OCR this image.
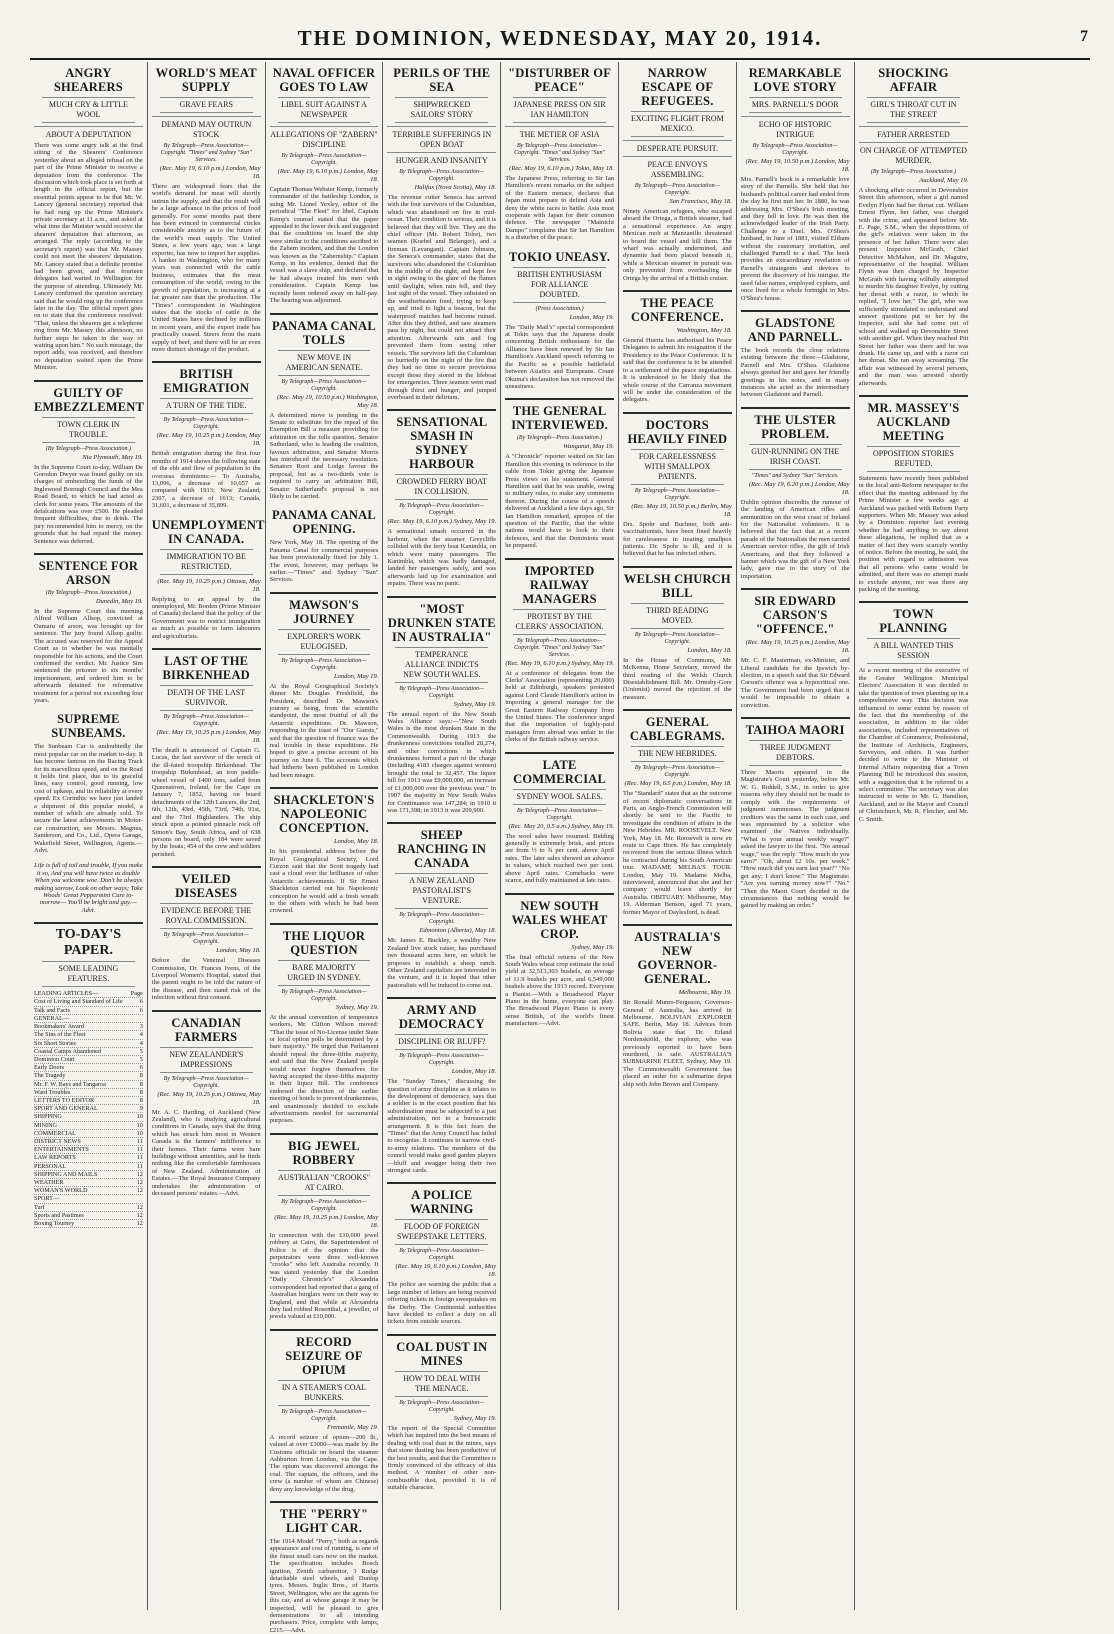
THE DOMINION, WEDNESDAY, MAY 20, 1914.	7
ANGRY SHEARERS
MUCH CRY & LITTLE WOOL
ABOUT A DEPUTATION
There was some angry talk at the final sitting of the Shearers' Conference yesterday about an alleged refusal on the part of the Prime Minister to receive a deputation from the conference. The discussion which took place is set forth at length in the official report, but the essential points appear to be that Mr. W. Lancey (general secretary) reported that he had rung up the Prime Minister's private secretary at 11 a.m., and asked at what time the Minister would receive the shearers' deputation that afternoon, as arranged. The reply (according to the secretary's report) was that Mr. Massey could not meet the shearers' deputation. Mr. Lancey stated that a definite promise had been given, and that fourteen delegates had waited in Wellington for the purpose of attending. Ultimately Mr. Lancey confirmed the question secretary said that he would ring up the conference later in the day. The official report goes on to state that the conference resolved: "That, unless the shearers get a telephone ring from Mr. Massey this afternoon, no further steps be taken in the way of waiting upon him." No such message, the report adds, was received, and therefore no deputation waited upon the Prime Minister.
GUILTY OF EMBEZZLEMENT
TOWN CLERK IN TROUBLE.
(By Telegraph—Press Association.)
Nia Plymouth, May 19.
In the Supreme Court to-day, William De Gorodon Dwyer was found guilty on six charges of embezzling the funds of the Inglewood Borough Council and the Mea Road Board, to which he had acted as clerk for some years. The amounts of the defalcations was over £500. He pleaded frequent difficulties, due to drink. The jury recommended him to mercy, on the grounds that he had repaid the money. Sentence was deferred.
SENTENCE FOR ARSON
(By Telegraph—Press Association.)
Dunedin, May 19.
In the Supreme Court this morning Alfred William Allsop, convicted at Oamaru of arson, was brought up for sentence. The jury found Allsop guilty. The accused was reserved for the Appeal Court as to whether he was mentally responsible for his actions, and the Court confirmed the verdict. Mr. Justice Sim sentenced the prisoner to six months' imprisonment, and ordered him to be afterwards detained for reformative treatment for a period not exceeding four years.
SUPREME SUNBEAMS.
The Sunbeam Car is undoubtedly the most popular car on the market to-day. It has become famous on the Racing Track for its marvellous speed, and on the Road it holds first place, due to its graceful lines, easy control, good running, low cost of upkeep, and its reliability at every speed. Ex Corinthic we have just landed a shipment of this popular model, a number of which are already sold. To secure the latest achievements in Motor-car construction, see Messrs. Magnus, Sanderson, and Co., Ltd., Opera Garage, Wakefield Street, Wellington, Agents.—Advt.
Life is full of toil and trouble, If you make it so, And you will have twice as double When you welcome woe. Don't be always making sorrow, Look on other ways; Take Woods' Great Peppermint Cure to-morrow— You'll be bright and gay.—Advt.
TO-DAY'S PAPER.
SOME LEADING FEATURES.
LEADING ARTICLES—	Page
Cost of Living and Standard of Life	6
Talk and Facts	6
GENERAL—
Bookmakers' Award	3
The Sins of the Fleet	4
Six Short Stories	4
Coastal Camps Abandoned	5
Dominion Court	5
Early Doors	6
The Tragedy	8
Mr. F. W. Bays and Tangaroa	8
Ward Troubles	8
LETTERS TO EDITOR	8
SPORT AND GENERAL	9
SHIPPING	10
MINING	10
COMMERCIAL	10
DISTRICT NEWS	11
ENTERTAINMENTS	11
LAW REPORTS	11
PERSONAL	11
SHIPPING AND MAILS	12
WEATHER	12
WOMAN'S WORLD	12
SPORT—
Turf	12
Sports and Pastimes	12
Boxing Tourney	12
WORLD'S MEAT SUPPLY
GRAVE FEARS
DEMAND MAY OUTRUN STOCK
By Telegraph—Press Association—Copyright. "Times" and Sydney "Sun" Services.
(Rec. May 19, 6.10 p.m.) London, May 18.
There are widespread fears that the world's demand for meat will shortly outrun the supply, and that the result will be a large advance in the prices of food generally. For some months past there has been evinced in commercial circles considerable anxiety as to the future of the world's meat supply. The United States, a few years ago, was a large exporter, has now to import her supplies. A banker in Washington, who for many years was connected with the cattle business, estimates that the meat consumption of the world, owing to the growth of population, is increasing at a far greater rate than the production. The "Times" correspondent in Washington states that the stocks of cattle in the United States have declined by millions in recent years, and the export trade has practically ceased. Steers from the main supply of beef, and there will be an even more distinct shortage of the product.
BRITISH EMIGRATION
A TURN OF THE TIDE.
By Telegraph—Press Association—Copyright.
(Rec. May 19, 10.25 p.m.) London, May 18.
British emigration during the first four months of 1914 shows the following state of the ebb and flow of population to the overseas dominions:— To Australia, 13,096, a decrease of 10,657 as compared with 1913; New Zealand, 2307, a decrease of 1613; Canada, 31,601, a decrease of 35,899.
UNEMPLOYMENT IN CANADA.
IMMIGRATION TO BE RESTRICTED.
(Rec. May 19, 10.25 p.m.) Ottawa, May 18.
Replying to an appeal by the unemployed, Mr. Borden (Prime Minister of Canada) declared that the policy of the Government was to restrict immigration as much as possible to farm labourers and agriculturists.
LAST OF THE BIRKENHEAD
DEATH OF THE LAST SURVIVOR.
By Telegraph—Press Association—Copyright.
(Rec. May 19, 10.25 p.m.) London, May 18.
The death is announced of Captain G. Lucas, the last survivor of the wreck of the ill-fated troopship Birkenhead. The troopship Birkenhead, an iron paddle-wheel vessel of 1400 tons, sailed from Queenstown, Ireland, for the Cape on January 7, 1852, having on board detachments of the 12th Lancers, the 2nd, 6th, 12th, 43rd, 45th, 73rd, 74th, 91st, and the 73rd Highlanders. The ship struck upon a pointed pinnacle rock off Simon's Bay, South Africa, and of 638 persons on board, only 184 were saved by the boats; 454 of the crew and soldiers perished.
VEILED DISEASES
EVIDENCE BEFORE THE ROYAL COMMISSION.
By Telegraph—Press Association—Copyright.
London, May 18.
Before the Venereal Diseases Commission, Dr. Frances Ivens, of the Liverpool Women's Hospital, stated that the parent ought to be told the nature of the disease, and then stand risk of the infection without first consent.
CANADIAN FARMERS
NEW ZEALANDER'S IMPRESSIONS
By Telegraph—Press Association—Copyright.
(Rec. May 19, 10.25 p.m.) Ottawa, May 18.
Mr. A. C. Harding, of Auckland (New Zealand), who is studying agricultural conditions in Canada, says that the thing which has struck him most in Western Canada is the farmers' indifference to their homes. Their farms were bare buildings without amenities, and he finds nothing like the comfortable farmhouses of New Zealand. Administration of Estates.—The Royal Insurance Company undertakes the administration of deceased persons' estates.—Advt.
NAVAL OFFICER GOES TO LAW
LIBEL SUIT AGAINST A NEWSPAPER
ALLEGATIONS OF "ZABERN" DISCIPLINE
By Telegraph—Press Association—Copyright.
(Rec. May 19, 6.10 p.m.) London, May 18.
Captain Thomas Webster Kemp, formerly commander of the battleship London, is suing Mr. Lionel Yexley, editor of the periodical "The Fleet" for libel. Captain Kemp's counsel stated that the paper appealed to the lower deck and suggested that the conditions on board the ship were similar to the conditions ascribed to the Zabern incident, and that the London was known as the "Zabernship." Captain Kemp, in his evidence, denied that the vessel was a slave ship, and declared that he had always treated his men with consideration. Captain Kemp has recently been ordered away on half-pay. The hearing was adjourned.
PANAMA CANAL TOLLS
NEW MOVE IN AMERICAN SENATE.
By Telegraph—Press Association—Copyright.
(Rec. May 19, 10.50 p.m.) Washington, May 18.
A determined move is pending in the Senate to substitute for the repeal of the Exemption Bill a measure providing for arbitration on the tolls question. Senator Sutherland, who is leading the coalition, favours arbitration, and Senator Morris has introduced the necessary resolution. Senators Root and Lodge favour the proposal, but as a two-thirds vote is required to carry an arbitration Bill, Senator Sutherland's proposal is not likely to be carried.
PANAMA CANAL OPENING.
New York, May 18. The opening of the Panama Canal for commercial purposes has been provisionally fixed for July 1. The event, however, may perhaps be earlier.—"Times" and Sydney "Sun" Services.
MAWSON'S JOURNEY
EXPLORER'S WORK EULOGISED.
By Telegraph—Press Association—Copyright.
London, May 19.
At the Royal Geographical Society's dinner Mr. Douglas Freshfield, the President, described Dr. Mawson's journey as being, from the scientific standpoint, the most fruitful of all the Antarctic expeditions. Dr. Mawson, responding to the toast of "Our Guests," said that the question of finance was the real trouble in these expeditions. He hoped to give a precise account of his journey on June 6. The accounts which had hitherto been published in London had been meagre.
SHACKLETON'S NAPOLEONIC CONCEPTION.
London, May 18.
In his presidential address before the Royal Geographical Society, Lord Curzon said that the Scott tragedy had cast a cloud over the brilliance of other Antarctic achievements. If Sir Ernest Shackleton carried out his Napoleonic conception he would add a fresh wreath to the others with which he had been crowned.
THE LIQUOR QUESTION
BARE MAJORITY URGED IN SYDNEY.
By Telegraph—Press Association—Copyright.
Sydney, May 19.
At the annual convention of temperance workers, Mr. Clifton Wilson moved: "That the issue of No-License under State or local option polls be determined by a bare majority." He urged that Parliament should repeal the three-fifths majority, and said that the New Zealand people would never forgive themselves for having accepted the three-fifths majority in their liquor Bill. The conference endorsed the direction of the earlier meeting of hotels to prevent drunkenness, and unanimously decided to exclude advertisements needed for sacramental purposes.
BIG JEWEL ROBBERY
AUSTRALIAN "CROOKS" AT CAIRO.
By Telegraph—Press Association—Copyright.
(Rec. May 19, 10.25 p.m.) London, May 18.
In connection with the £10,000 jewel robbery at Cairo, the Superintendent of Police is of the opinion that the perpetrators were three well-known "crooks" who left Australia recently. It was stated yesterday that the London "Daily Chronicle's" Alexandria correspondent had reported that a gang of Australian burglars were on their way to England, and that while at Alexandria they had robbed Rosenthal, a jeweller, of jewels valued at £10,000.
RECORD SEIZURE OF OPIUM
IN A STEAMER'S COAL BUNKERS.
By Telegraph—Press Association—Copyright.
Fremantle, May 19.
A record seizure of opium—200 lb., valued at over £3000—was made by the Customs officials on board the steamer Ashburton from London, via the Cape. The opium was discovered amongst the coal. The captain, the officers, and the crew (a number of whom are Chinese) deny any knowledge of the drug.
THE "PERRY" LIGHT CAR.
The 1914 Model "Perry," both as regards appearance and cost of running, is one of the finest small cars now on the market. The specification includes Bosch ignition, Zenith carburettor, 3 Rudge detachable steel wheels, and Dunlop tyres. Messrs. Inglis Bros., of Harris Street, Wellington, who are the agents for this car, and at whose garage it may be inspected, will be pleased to give demonstrations to all intending purchasers. Price, complete with lamps, £215.—Advt.
PERILS OF THE SEA
SHIPWRECKED SAILORS' STORY
TERRIBLE SUFFERINGS IN OPEN BOAT
HUNGER AND INSANITY
By Telegraph—Press Association—Copyright.
Halifax (Nova Scotia), May 18.
The revenue cutter Seneca has arrived with the four survivors of the Columbian, which was abandoned on fire in mid-ocean. Their condition is serious, and it is believed that they will live. They are the chief officer (Mr. Robert Tolre), two seamen (Koebel and Belanger), and a fireman (Levangant). Captain Johnson, the Seneca's commander, states that the survivors who abandoned the Columbian in the middle of the night, and kept few in sight owing to the glare of the flames until daylight, when rain fell, and they lost sight of the vessel. They subsisted on the weatherbeaten food, trying to keep up, and tried to light a beacon, but the waterproof matches had become ruined. After this they drifted, and saw steamers pass by night, but could not attract their attention. Afterwards rain and fog prevented them from seeing other vessels. The survivors left the Columbian so hurriedly on the night of the fire that they had no time to secure provisions except those they stored in the lifeboat for emergencies. Three seamen went mad through thirst and hunger, and jumped overboard in their delirium.
SENSATIONAL SMASH IN SYDNEY HARBOUR
CROWDED FERRY BOAT IN COLLISION.
By Telegraph—Press Association—Copyright.
(Rec. May 19, 6.10 p.m.) Sydney, May 19.
A sensational smash occurred in the harbour, when the steamer Greycliffe collided with the ferry boat Kanimbla, on which were many passengers. The Kanimbla, which was badly damaged, landed her passengers safely, and was afterwards laid up for examination and repairs. There was no panic.
"MOST DRUNKEN STATE IN AUSTRALIA"
TEMPERANCE ALLIANCE INDICTS NEW SOUTH WALES.
By Telegraph—Press Association—Copyright.
Sydney, May 19.
The annual report of the New South Wales Alliance says:—"New South Wales is the most drunken State in the Commonwealth. During 1913 the drunkenness convictions totalled 28,274, and other convictions in which drunkenness formed a part of the charge (including 4183 charges against women) brought the total to 32,457. The liquor bill for 1913 was £9,000,000, an increase of £1,000,000 over the previous year." In 1907 the majority in New South Wales for Continuance was 147,284; in 1910 it was 171,398; in 1913 it was 209,900.
SHEEP RANCHING IN CANADA
A NEW ZEALAND PASTORALIST'S VENTURE.
By Telegraph—Press Association—Copyright.
Edmonton (Alberta), May 18.
Mr. James E. Buckley, a wealthy New Zealand live stock raiser, has purchased two thousand acres here, on which he proposes to establish a sheep ranch. Other Zealand capitalists are interested in the venture, and it is hoped that other pastoralists will be induced to come out.
ARMY AND DEMOCRACY
DISCIPLINE OR BLUFF?
By Telegraph—Press Association—Copyright.
London, May 18.
The "Sunday Times," discussing the question of army discipline as it relates to the development of democracy, says that a soldier is in the exact position that his subordination must be subjected to a just administration, not to a bureaucratic arrangement. It is this fact fears the "Times" that the Army Council has failed to recognise. It continues to narrow civil-to-army relations. The members of the council would make good garden players—bluff and swagger being their two strongest cards.
A POLICE WARNING
FLOOD OF FOREIGN SWEEPSTAKE LETTERS.
By Telegraph—Press Association—Copyright.
(Rec. May 19, 6.10 p.m.) London, May 18.
The police are warning the public that a large number of letters are being received offering tickets in foreign sweepstakes on the Derby. The Continental authorities have decided to collect a duty on all tickets from outside sources.
COAL DUST IN MINES
HOW TO DEAL WITH THE MENACE.
By Telegraph—Press Association—Copyright.
Sydney, May 19.
The report of the Special Committee which has inquired into the best means of dealing with coal dust in the mines, says that stone dusting has been productive of the best results, and that the Committee is firmly convinced of the efficacy of this method. A number of other non-combustible dust, provided it is of suitable character.
"DISTURBER OF PEACE"
JAPANESE PRESS ON SIR IAN HAMILTON
THE METIER OF ASIA
By Telegraph—Press Association—Copyright. "Times" and Sydney "Sun" Services.
(Rec. May 19, 6.10 p.m.) Tokio, May 18.
The Japanese Press, referring to Sir Ian Hamilton's recent remarks on the subject of the Eastern menace, declares that Japan must prepare to defend Asia and deny the white races to battle. Asia must cooperate with Japan for their common defence. The newspaper "Mainichi Dampo" complains that Sir Ian Hamilton is a disturber of the peace.
TOKIO UNEASY.
BRITISH ENTHUSIASM FOR ALLIANCE DOUBTED.
(Press Association.)
London, May 19.
The "Daily Mail's" special correspondent at Tokio says that the Japanese doubt concerning British enthusiasm for the Alliance have been renewed by Sir Ian Hamilton's Auckland speech referring to the Pacific as a possible battlefield between Asiatics and Europeans. Count Okuma's declaration has not removed the uneasiness.
THE GENERAL INTERVIEWED.
(By Telegraph—Press Association.)
Wanganui, May 19.
A "Chronicle" reporter waited on Sir Ian Hamilton this evening in reference to the cable from Tokio giving the Japanese Press views on his statement. General Hamilton said that he was unable, owing to military rules, to make any comments thereon. During the course of a speech delivered at Auckland a few days ago, Sir Ian Hamilton remarked, apropos of the question of the Pacific, that the white nations would have to look to their defences, and that the Dominions must be prepared.
IMPORTED RAILWAY MANAGERS
PROTEST BY THE CLERKS' ASSOCIATION.
By Telegraph—Press Association—Copyright. "Times" and Sydney "Sun" Services.
(Rec. May 19, 6.10 p.m.) Sydney, May 19.
At a conference of delegates from the Clerks' Association (representing 20,000) held at Edinburgh, speakers protested against Lord Claude Hamilton's action in importing a general manager for the Great Eastern Railway Company from the United States. The conference urged that the importation of highly-paid managers from abroad was unfair to the clerks of the British railway service.
LATE COMMERCIAL
SYDNEY WOOL SALES.
By Telegraph—Press Association—Copyright.
(Rec. May 20, 0.5 a.m.) Sydney, May 19.
The wool sales have resumed. Bidding generally is extremely brisk, and prices are from ½ to ¾ per cent. above April rates. The later sales showed an advance in values, which reached two per cent. above April rates. Comebacks were scarce, and fully maintained at late rates.
NEW SOUTH WALES WHEAT CROP.
Sydney, May 19.
The final official returns of the New South Wales wheat crop estimate the total yield at 32,513,303 bushels, an average of 11.9 bushels per acre, and 6,549,000 bushels above the 1913 record. Everyone a Pianist.—With a Broadwood Player Piano in the home, everyone can play. The Broadwood Player Piano is every sense British, of the world's finest manufacture.—Advt.
NARROW ESCAPE OF REFUGEES.
EXCITING FLIGHT FROM MEXICO.
DESPERATE PURSUIT.
PEACE ENVOYS ASSEMBLING.
By Telegraph—Press Association—Copyright.
San Francisco, May 18.
Ninety American refugees, who escaped aboard the Ortega, a British steamer, had a sensational experience. An angry Mexican mob at Manzanillo threatened to board the vessel and kill them. The wharf was actually undermined, and dynamite had been placed beneath it, while a Mexican steamer in pursuit was only prevented from overhauling the Ortega by the arrival of a British cruiser.
THE PEACE CONFERENCE.
Washington, May 18.
General Huerta has authorised his Peace Delegates to submit his resignation if the Presidency to the Peace Conference. It is said that the conference is to be attended to a settlement of the peace negotiations. It is understood to be likely that the whole course of the Carranza movement will be under the consideration of the delegates.
DOCTORS HEAVILY FINED
FOR CARELESSNESS WITH SMALLPOX PATIENTS.
By Telegraph—Press Association—Copyright.
(Rec. May 19, 10.50 p.m.) Berlin, May 18.
Drs. Spohr and Buchner, both anti-vaccinationists, have been fined heavily for carelessness in treating smallpox patients. Dr. Spohr is ill, and it is believed that he has infected others.
WELSH CHURCH BILL
THIRD READING MOVED.
By Telegraph—Press Association—Copyright.
London, May 18.
In the House of Commons, Mr. McKenna, Home Secretary, moved the third reading of the Welsh Church Disestablishment Bill. Mr. Ormsby-Gore (Unionist) moved the rejection of the measure.
GENERAL CABLEGRAMS.
THE NEW HEBRIDES.
By Telegraph—Press Association—Copyright.
(Rec. May 19, 6.5 p.m.) London, May 18.
The "Standard" states that as the outcome of recent diplomatic conversations in Paris, an Anglo-French Commission will shortly be sent to the Pacific to investigate the condition of affairs in the New Hebrides. MR. ROOSEVELT. New York, May 18. Mr. Roosevelt is now en route to Cape Horn. He has completely recovered from the serious illness which he contracted during his South American tour. MADAME MELBA'S TOUR. London, May 19. Madame Melba, interviewed, announced that she and her company would leave shortly for Australia. OBITUARY. Melbourne, May 19. Alderman Benson, aged 71 years, former Mayor of Daylesford, is dead.
AUSTRALIA'S NEW GOVERNOR-GENERAL.
Melbourne, May 19.
Sir Ronald Munro-Ferguson, Governor-General of Australia, has arrived in Melbourne. BOLIVIAN EXPLORER SAFE. Berlin, May 18. Advices from Bolivia state that Dr. Erland Nordenskiöld, the explorer, who was previously reported to have been murdered, is safe. AUSTRALIA'S SUBMARINE FLEET. Sydney, May 19. The Commonwealth Government has placed an order for a submarine depot ship with John Brown and Company.
REMARKABLE LOVE STORY
MRS. PARNELL'S DOOR
ECHO OF HISTORIC INTRIGUE
By Telegraph—Press Association—Copyright.
(Rec. May 19, 10.50 p.m.) London, May 18.
Mrs. Parnell's book is a remarkable love story of the Parnells. She held that her husband's political career had ended from the day he first met her. In 1880, he was addressing Mrs. O'Shea's Irish meeting, and they fell in love. He was then the acknowledged leader of the Irish Party. Challenge to a Duel. Mrs. O'Shea's husband, in June of 1881, visited Eltham without the customary invitation, and challenged Parnell to a duel. The book provides an extraordinary revelation of Parnell's strategems and devices to prevent the discovery of his intrigue. He used false names, employed cyphers, and once lived for a whole fortnight in Mrs. O'Shea's house.
GLADSTONE AND PARNELL.
The book records the close relations existing between the three—Gladstone, Parnell and Mrs. O'Shea. Gladstone always greeted her and gave her friendly greetings in his notes, and in many instances she acted as the intermediary between Gladstone and Parnell.
THE ULSTER PROBLEM.
GUN-RUNNING ON THE IRISH COAST.
"Times" and Sydney "Sun" Services.
(Rec. May 19, 6.20 p.m.) London, May 18.
Dublin opinion discredits the rumour of the landing of American rifles and ammunition on the west coast of Ireland for the Nationalist volunteers. It is believed that the fact that at a recent parade of the Nationalists the men carried American service rifles, the gift of Irish Americans, and that they followed a banner which was the gift of a New York lady, gave rise to the story of the importation.
SIR EDWARD CARSON'S "OFFENCE."
(Rec. May 19, 10.25 p.m.) London, May 18.
Mr. C. F. Masterman, ex-Minister, and Liberal candidate for the Ipswich by-election, in a speech said that Sir Edward Carson's offence was a hypocritical one. The Government had been urged that it would be impossible to obtain a conviction.
TAIHOA MAORI
THREE JUDGMENT DEBTORS.
Three Maoris appeared in the Magistrate's Court yesterday, before Mr. W. G. Riddell, S.M., in order to give reasons why they should not be made to comply with the requirements of judgment summonses. The judgment creditors was the same in each case, and was represented by a solicitor who examined the Natives individually. "What is your annual weekly wage?" asked the lawyer to the first. "No annual wage," was the reply. "How much do you earn?" "Oh, about £2 10s. per week." "How much did you earn last year?" "No get any; I don't know." The Magistrate: "Are you earning money now?" "No." "Then the Maori Court decided in the circumstances that nothing would be gained by making an order."
SHOCKING AFFAIR
GIRL'S THROAT CUT IN THE STREET
FATHER ARRESTED
ON CHARGE OF ATTEMPTED MURDER.
(By Telegraph—Press Association.)
Auckland, May 19.
A shocking affair occurred in Devonshire Street this afternoon, when a girl named Evelyn Flynn had her throat cut. William Ernest Flynn, her father, was charged with the crime, and appeared before Mr. E. Page, S.M., when the depositions of the girl's relatives were taken in the presence of her father. There were also present Inspector McGrath, Chief Detective McMahon, and Dr. Maguire, representative of the hospital. William Flynn was then charged by Inspector McGrath with having wilfully attempted to murder his daughter Evelyn, by cutting her throat with a razor, to which he replied, "I love her." The girl, who was sufficiently stimulated to understand and answer questions put to her by the Inspector, said she had come out of school and walked up Devonshire Street with another girl. When they reached Pitt Street her father was there and he was drunk. He came up, and with a razor cut her throat. She ran away screaming. The affair was witnessed by several persons, and the man was arrested shortly afterwards.
MR. MASSEY'S AUCKLAND MEETING
OPPOSITION STORIES REFUTED.
Statements have recently been published in the local anti-Reform newspaper to the effect that the meeting addressed by the Prime Minister a few weeks ago at Auckland was packed with Reform Party supporters. When Mr. Massey was asked by a Dominion reporter last evening whether he had anything to say about these allegations, he replied that as a matter of fact they were scarcely worthy of notice. Before the meeting, he said, the position with regard to admission was that all persons who came would be admitted, and there was no attempt made to exclude anyone, nor was there any packing of the meeting.
TOWN PLANNING
A BILL WANTED THIS SESSION
At a recent meeting of the executive of the Greater Wellington Municipal Electors' Association it was decided to take the question of town planning up in a comprehensive way. This decision was influenced to some extent by reason of the fact that the membership of the association, in addition to the older associations, included representatives of the Chamber of Commerce, Professional, the Institute of Architects, Engineers, Surveyors, and others. It was further decided to write to the Minister of Internal Affairs requesting that a Town Planning Bill be introduced this session, with a suggestion that it be referred to a select committee. The secretary was also instructed to write to Mr. G. Hamilton, Auckland, and to the Mayor and Council of Christchurch, Mr. R. Fletcher, and Mr. C. Smith.
